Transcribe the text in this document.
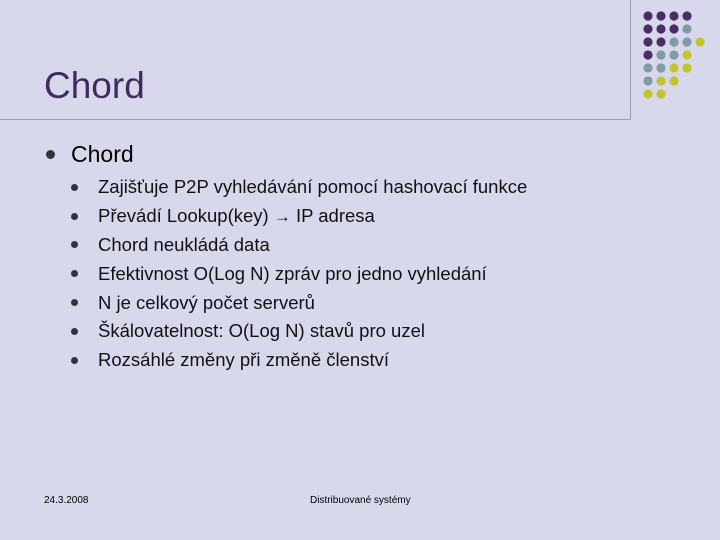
Chord
Chord
Zajišťuje P2P vyhledávání pomocí hashovací funkce
Převádí Lookup(key) → IP adresa
Chord neukládá data
Efektivnost O(Log N) zpráv pro jedno vyhledání
N je celkový počet serverů
Škálovatelnost: O(Log N) stavů pro uzel
Rozsáhlé změny při změně členství
24.3.2008	Distribuované systémy
